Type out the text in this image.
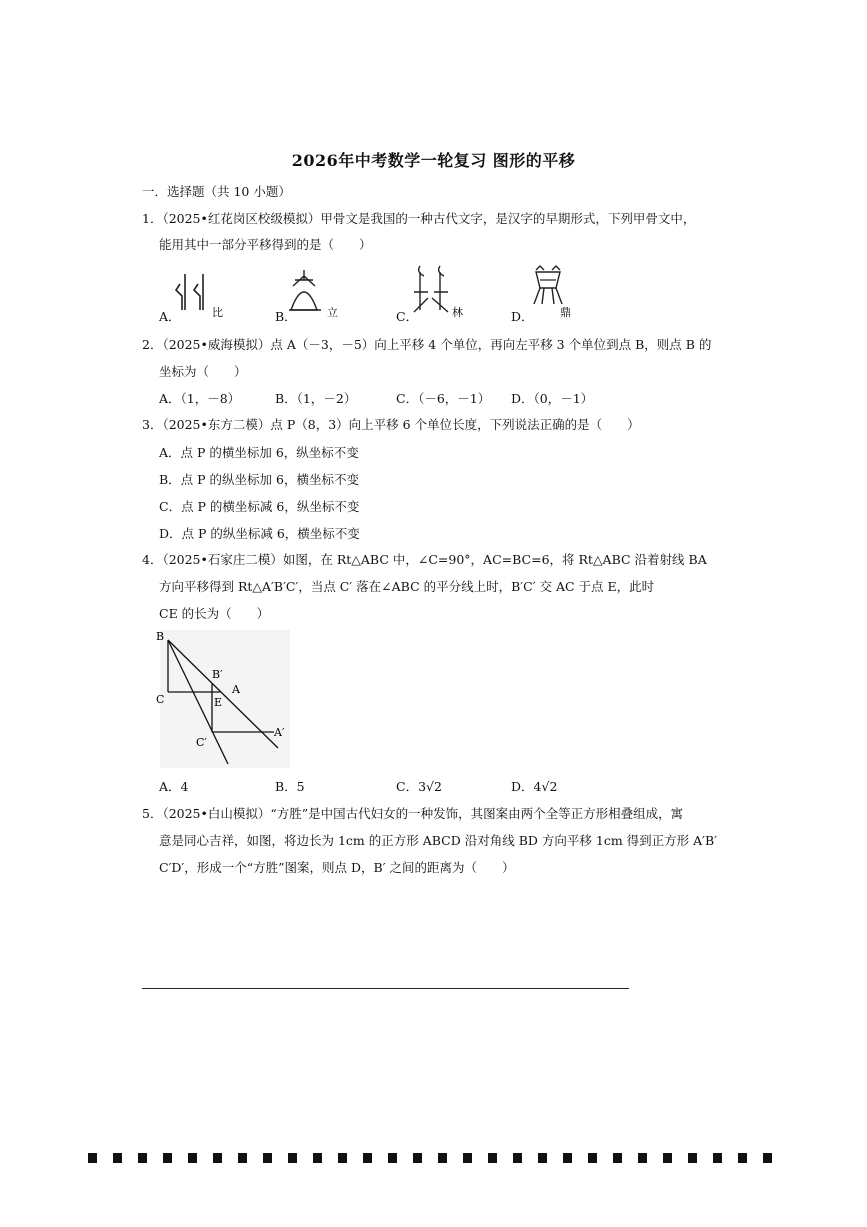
2026年中考数学一轮复习 图形的平移
一．选择题（共 10 小题）
1．（2025•红花岗区校级模拟）甲骨文是我国的一种古代文字，是汉字的早期形式，下列甲骨文中，
能用其中一部分平移得到的是（　　）
比	立	林	鼎
A．	B．	C．	D．
2．（2025•威海模拟）点 A（－3，－5）向上平移 4 个单位，再向左平移 3 个单位到点 B，则点 B 的
坐标为（　　）
A．（1，－8）	B．（1，－2）	C．（－6，－1） D．（0，－1）
3．（2025•东方二模）点 P（8，3）向上平移 6 个单位长度，下列说法正确的是（　　）
A．点 P 的横坐标加 6，纵坐标不变
B．点 P 的纵坐标加 6，横坐标不变
C．点 P 的横坐标减 6，纵坐标不变
D．点 P 的纵坐标减 6，横坐标不变
4．（2025•石家庄二模）如图，在 Rt△ABC 中，∠C=90°，AC=BC=6，将 Rt△ABC 沿着射线 BA
方向平移得到 Rt△A′B′C′，当点 C′ 落在∠ABC 的平分线上时，B′C′ 交 AC 于点 E，此时
CE 的长为（　　）
B
B′
A
C	E
C′
A′
A．4	B．5	C．3√2	D．4√2
5．（2025•白山模拟）“方胜”是中国古代妇女的一种发饰，其图案由两个全等正方形相叠组成，寓
意是同心吉祥，如图，将边长为 1cm 的正方形 ABCD 沿对角线 BD 方向平移 1cm 得到正方形 A′B′
C′D′，形成一个“方胜”图案，则点 D，B′ 之间的距离为（　　）
